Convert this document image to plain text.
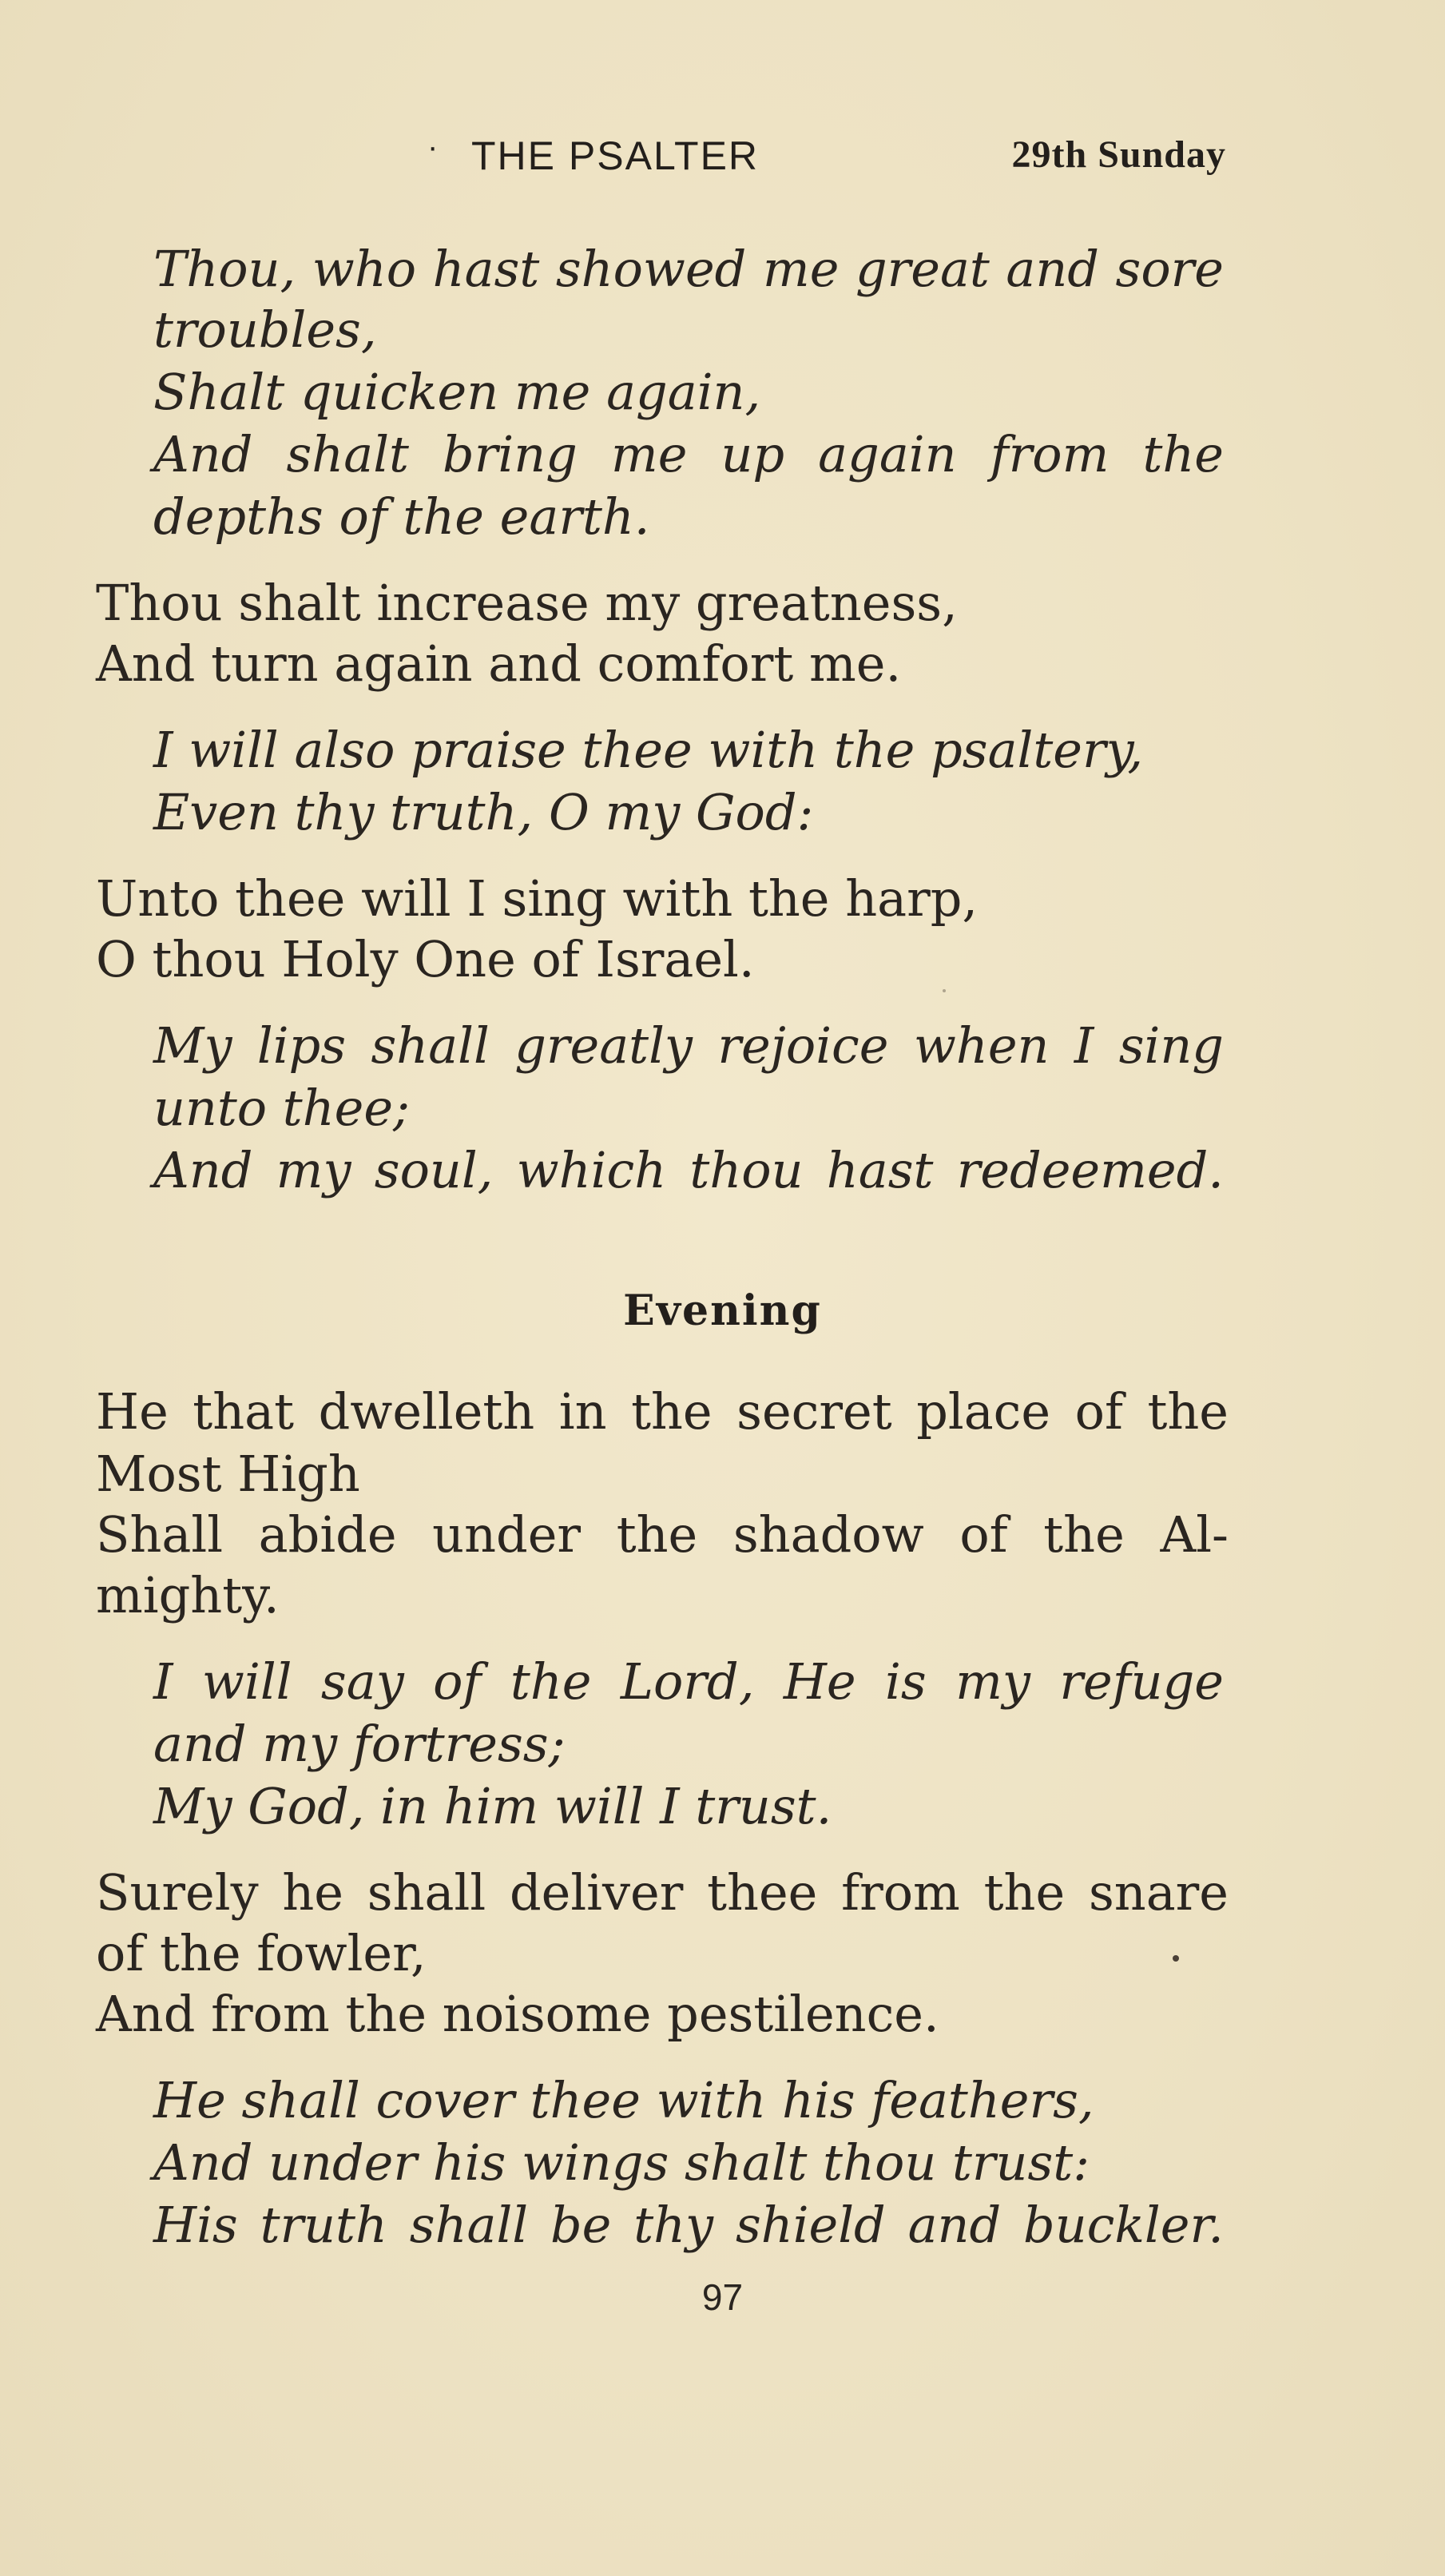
· THE PSALTER	29th Sunday
Thou, who hast showed me great and sore
troubles,
Shalt quicken me again,
And shalt bring me up again from the
depths of the earth.
Thou shalt increase my greatness,
And turn again and comfort me.
I will also praise thee with the psaltery,
Even thy truth, O my God:
Unto thee will I sing with the harp,
O thou Holy One of Israel.
My lips shall greatly rejoice when I sing
unto thee;
And my soul, which thou hast redeemed.
Evening
He that dwelleth in the secret place of the
Most High
Shall abide under the shadow of the Al-
mighty.
I will say of the Lord, He is my refuge
and my fortress;
My God, in him will I trust.
Surely he shall deliver thee from the snare
of the fowler,
And from the noisome pestilence.
He shall cover thee with his feathers,
And under his wings shalt thou trust:
His truth shall be thy shield and buckler.
97
